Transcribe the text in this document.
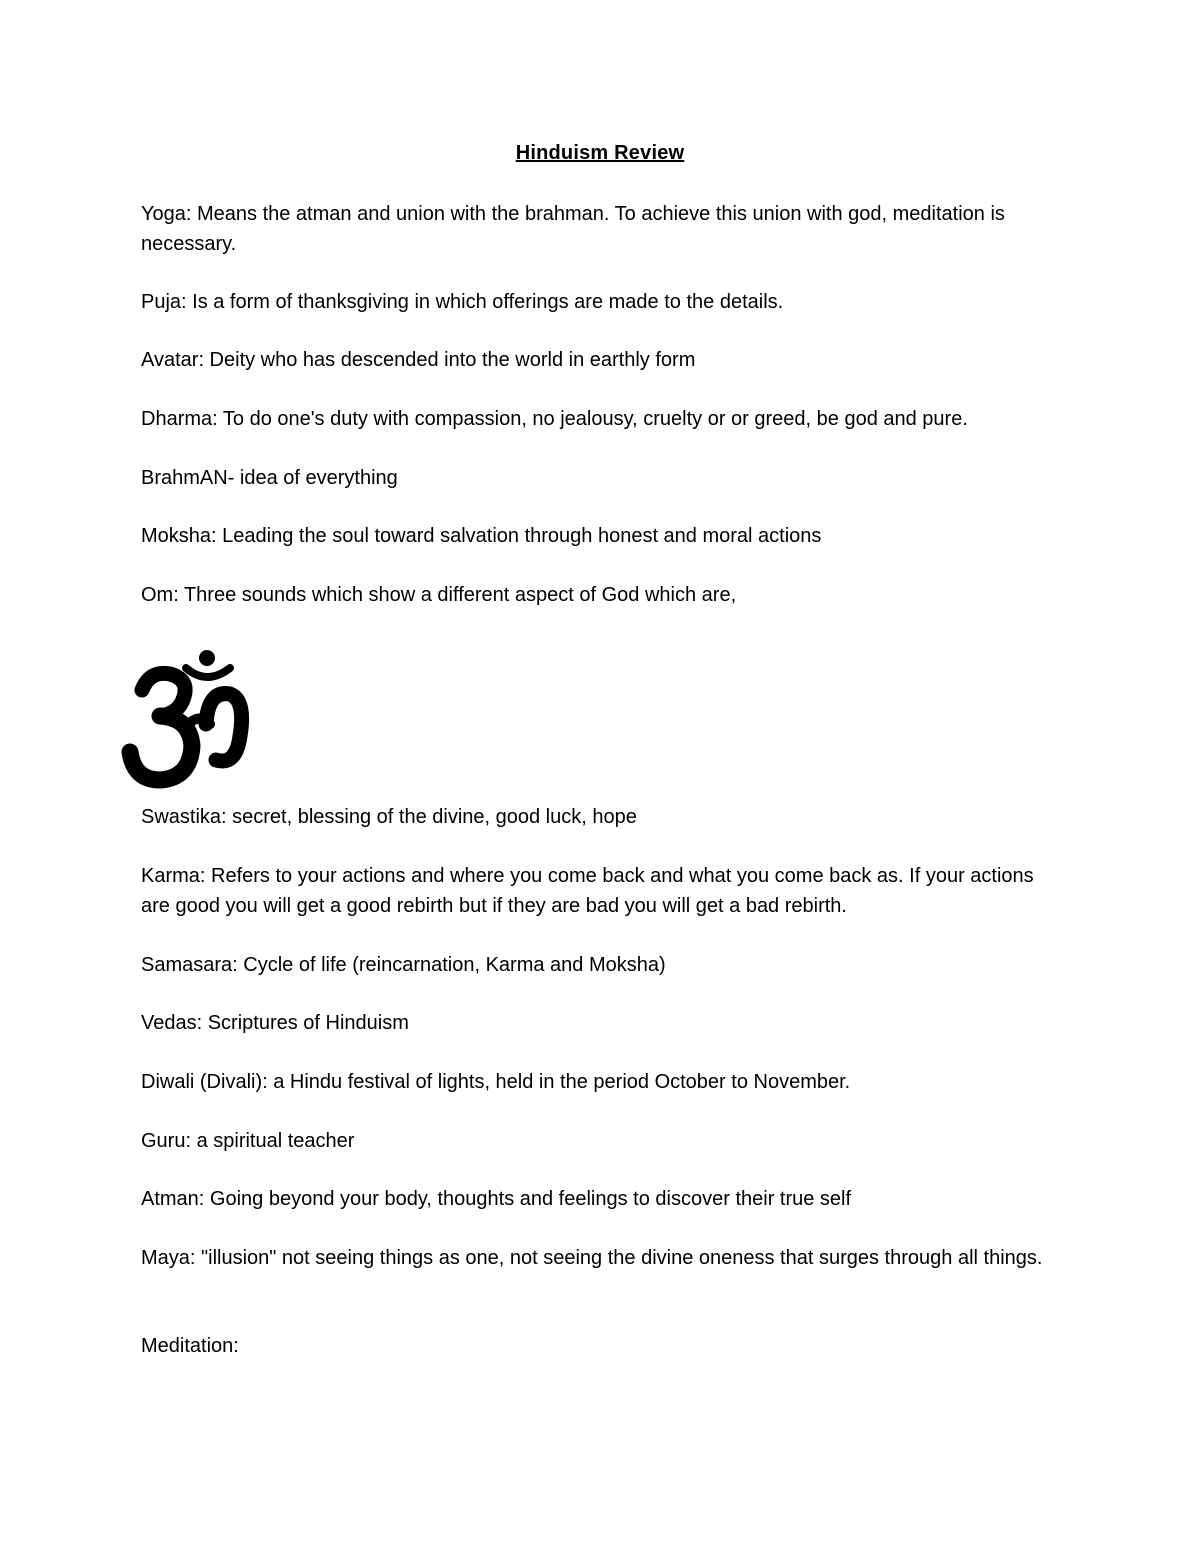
Hinduism Review

Yoga: Means the atman and union with the brahman. To achieve this union with god, meditation is necessary.

Puja: Is a form of thanksgiving in which offerings are made to the details.

Avatar: Deity who has descended into the world in earthly form

Dharma: To do one's duty with compassion, no jealousy, cruelty or or greed, be god and pure.

BrahmAN- idea of everything

Moksha: Leading the soul toward salvation through honest and moral actions

Om: Three sounds which show a different aspect of God which are,

Swastika: secret, blessing of the divine, good luck, hope

Karma: Refers to your actions and where you come back and what you come back as. If your actions are good you will get a good rebirth but if they are bad you will get a bad rebirth.

Samasara: Cycle of life (reincarnation, Karma and Moksha)

Vedas: Scriptures of Hinduism

Diwali (Divali): a Hindu festival of lights, held in the period October to November.

Guru: a spiritual teacher

Atman: Going beyond your body, thoughts and feelings to discover their true self

Maya: "illusion" not seeing things as one, not seeing the divine oneness that surges through all things.

Meditation:
